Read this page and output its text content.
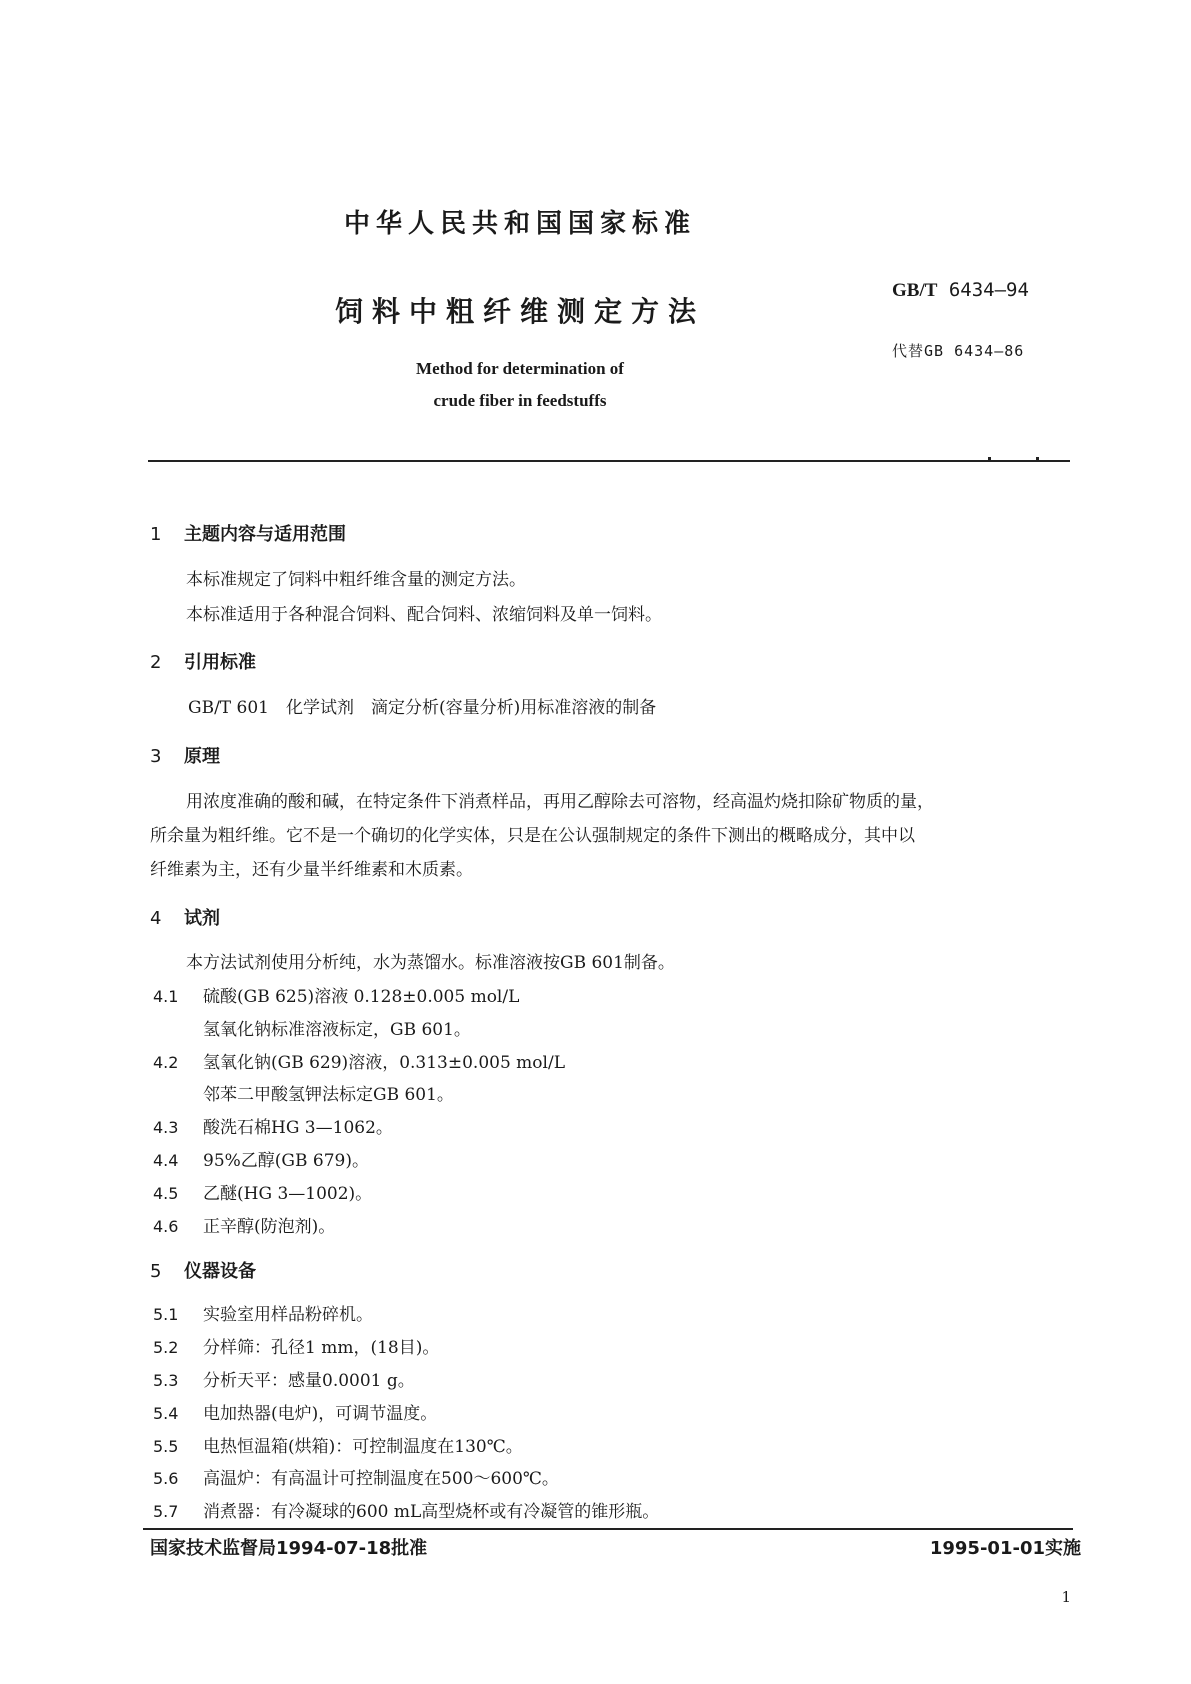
中华人民共和国国家标准
饲料中粗纤维测定方法
Method for determination of
crude fiber in feedstuffs
GB/T 6434—94
代替GB 6434—86
1 主题内容与适用范围
本标准规定了饲料中粗纤维含量的测定方法。
本标准适用于各种混合饲料、配合饲料、浓缩饲料及单一饲料。
2 引用标准
GB/T 601　化学试剂　滴定分析(容量分析)用标准溶液的制备
3 原理
用浓度准确的酸和碱，在特定条件下消煮样品，再用乙醇除去可溶物，经高温灼烧扣除矿物质的量，
所余量为粗纤维。它不是一个确切的化学实体，只是在公认强制规定的条件下测出的概略成分，其中以
纤维素为主，还有少量半纤维素和木质素。
4 试剂
本方法试剂使用分析纯，水为蒸馏水。标准溶液按GB 601制备。
4.1 硫酸(GB 625)溶液 0.128±0.005 mol/L
氢氧化钠标准溶液标定，GB 601。
4.2 氢氧化钠(GB 629)溶液，0.313±0.005 mol/L
邻苯二甲酸氢钾法标定GB 601。
4.3 酸洗石棉HG 3—1062。
4.4 95%乙醇(GB 679)。
4.5 乙醚(HG 3—1002)。
4.6 正辛醇(防泡剂)。
5 仪器设备
5.1 实验室用样品粉碎机。
5.2 分样筛：孔径1 mm，(18目)。
5.3 分析天平：感量0.0001 g。
5.4 电加热器(电炉)，可调节温度。
5.5 电热恒温箱(烘箱)：可控制温度在130℃。
5.6 高温炉：有高温计可控制温度在500～600℃。
5.7 消煮器：有冷凝球的600 mL高型烧杯或有冷凝管的锥形瓶。
国家技术监督局1994-07-18批准	1995-01-01实施
1
